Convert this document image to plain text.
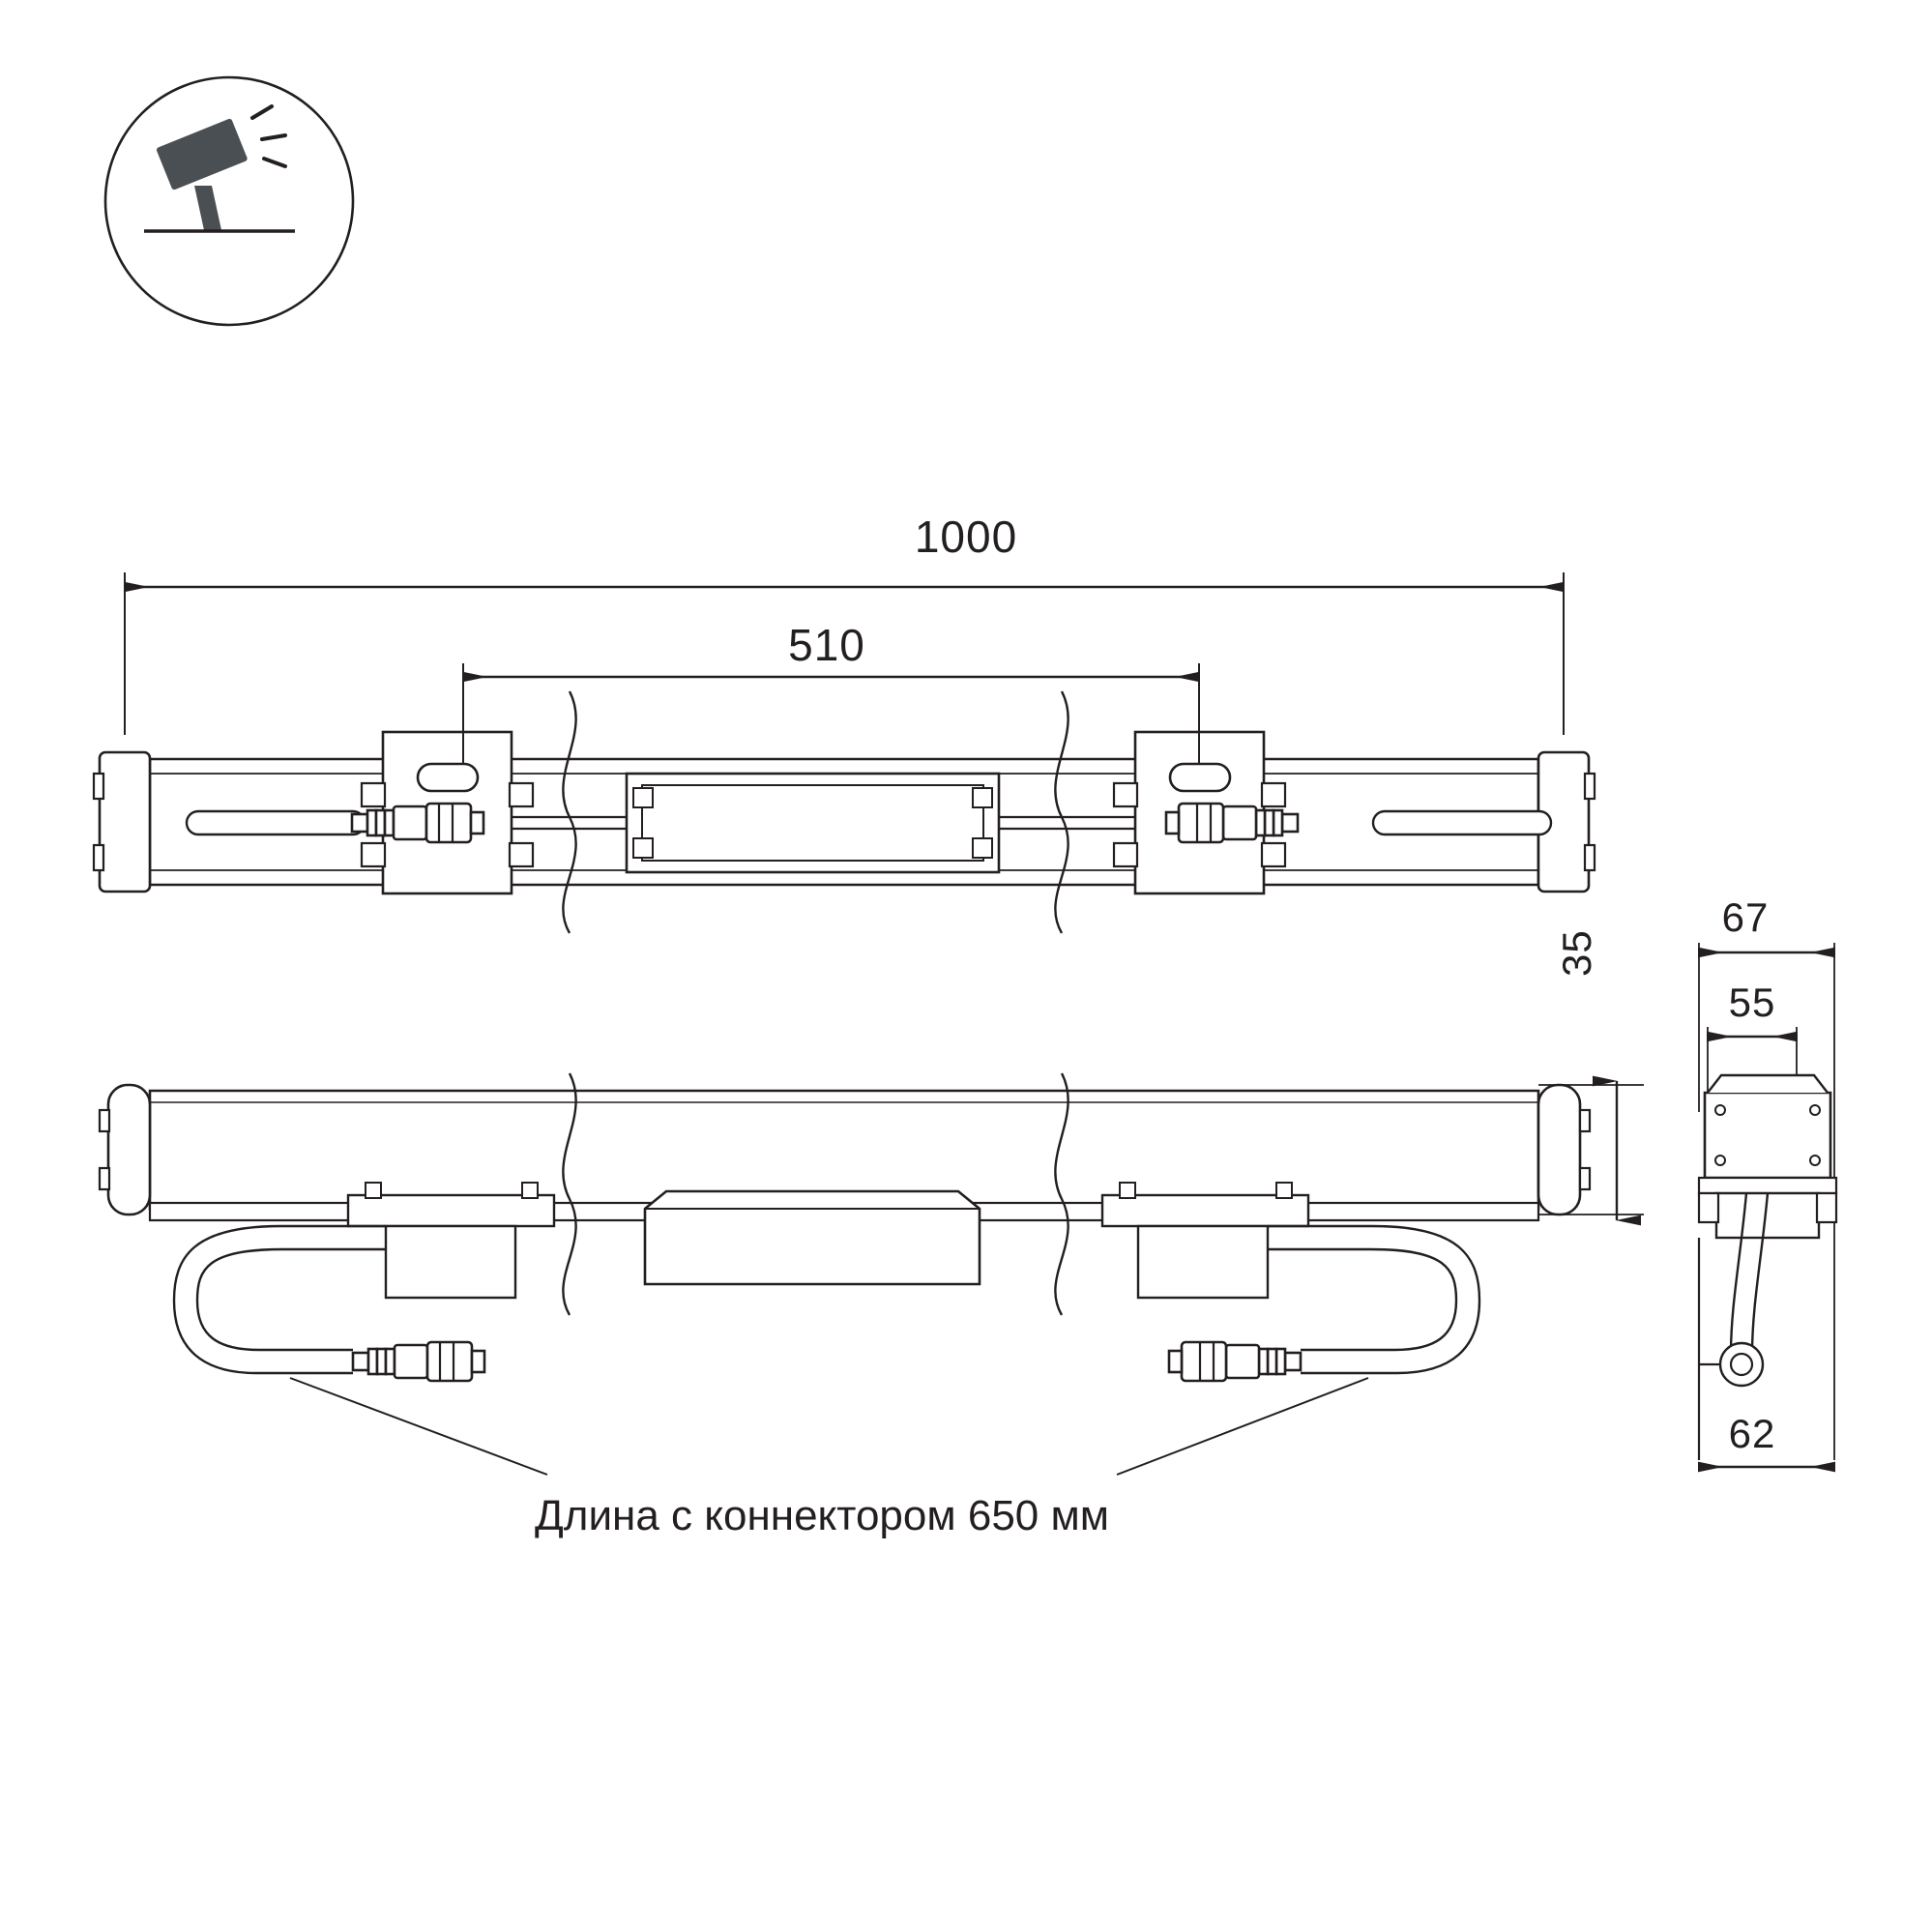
1000
510
35
67
55
62
Длина с коннектором 650 мм
